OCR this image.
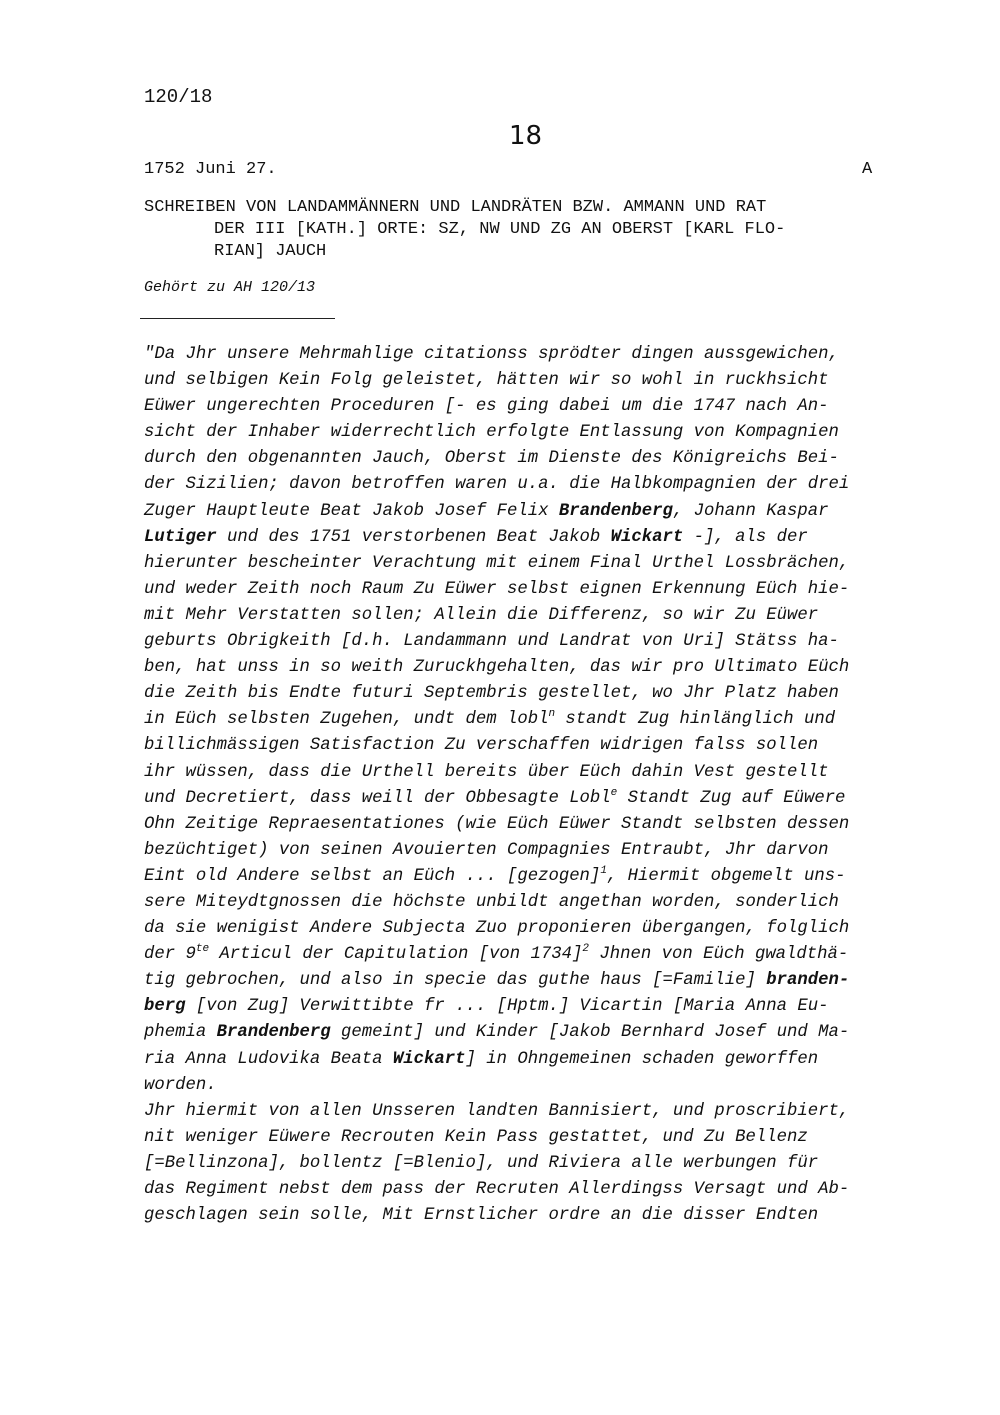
120/18
18
1752 Juni 27.	A
SCHREIBEN VON LANDAMMÄNNERN UND LANDRÄTEN BZW. AMMANN UND RAT
DER III [KATH.] ORTE: SZ, NW UND ZG AN OBERST [KARL FLO-
RIAN] JAUCH
Gehört zu AH 120/13
"Da Jhr unsere Mehrmahlige citationss sprödter dingen aussgewichen,
und selbigen Kein Folg geleistet, hätten wir so wohl in ruckhsicht
Eüwer ungerechten Proceduren [- es ging dabei um die 1747 nach An-
sicht der Inhaber widerrechtlich erfolgte Entlassung von Kompagnien
durch den obgenannten Jauch, Oberst im Dienste des Königreichs Bei-
der Sizilien; davon betroffen waren u.a. die Halbkompagnien der drei
Zuger Hauptleute Beat Jakob Josef Felix Brandenberg, Johann Kaspar
Lutiger und des 1751 verstorbenen Beat Jakob Wickart -], als der
hierunter bescheinter Verachtung mit einem Final Urthel Lossbrächen,
und weder Zeith noch Raum Zu Eüwer selbst eignen Erkennung Eüch hie-
mit Mehr Verstatten sollen; Allein die Differenz, so wir Zu Eüwer
geburts Obrigkeith [d.h. Landammann und Landrat von Uri] Stätss ha-
ben, hat unss in so weith Zuruckhgehalten, das wir pro Ultimato Eüch
die Zeith bis Endte futuri Septembris gestellet, wo Jhr Platz haben
in Eüch selbsten Zugehen, undt dem lobl$^n$ standt Zug hinlänglich und
billichmässigen Satisfaction Zu verschaffen widrigen falss sollen
ihr wüssen, dass die Urthell bereits über Eüch dahin Vest gestellt
und Decretiert, dass weill der Obbesagte Lobl$^e$ Standt Zug auf Eüwere
Ohn Zeitige Repraesentationes (wie Eüch Eüwer Standt selbsten dessen
bezüchtiget) von seinen Avouierten Compagnies Entraubt, Jhr darvon
Eint old Andere selbst an Eüch ... [gezogen]$^1$, Hiermit obgemelt uns-
sere Miteydtgnossen die höchste unbildt angethan worden, sonderlich
da sie wenigist Andere Subjecta Zuo proponieren übergangen, folglich
der $9^{te}$ Articul der Capitulation [von 1734]$^2$ Jhnen von Eüch gwaldthä-
tig gebrochen, und also in specie das guthe haus [=Familie] branden-
berg [von Zug] Verwittibte fr ... [Hptm.] Vicartin [Maria Anna Eu-
phemia Brandenberg gemeint] und Kinder [Jakob Bernhard Josef und Ma-
ria Anna Ludovika Beata Wickart] in Ohngemeinen schaden geworffen
worden.
Jhr hiermit von allen Unsseren landten Bannisiert, und proscribiert,
nit weniger Eüwere Recrouten Kein Pass gestattet, und Zu Bellenz
[=Bellinzona], bollentz [=Blenio], und Riviera alle werbungen für
das Regiment nebst dem pass der Recruten Allerdingss Versagt und Ab-
geschlagen sein solle, Mit Ernstlicher ordre an die disser Endten
